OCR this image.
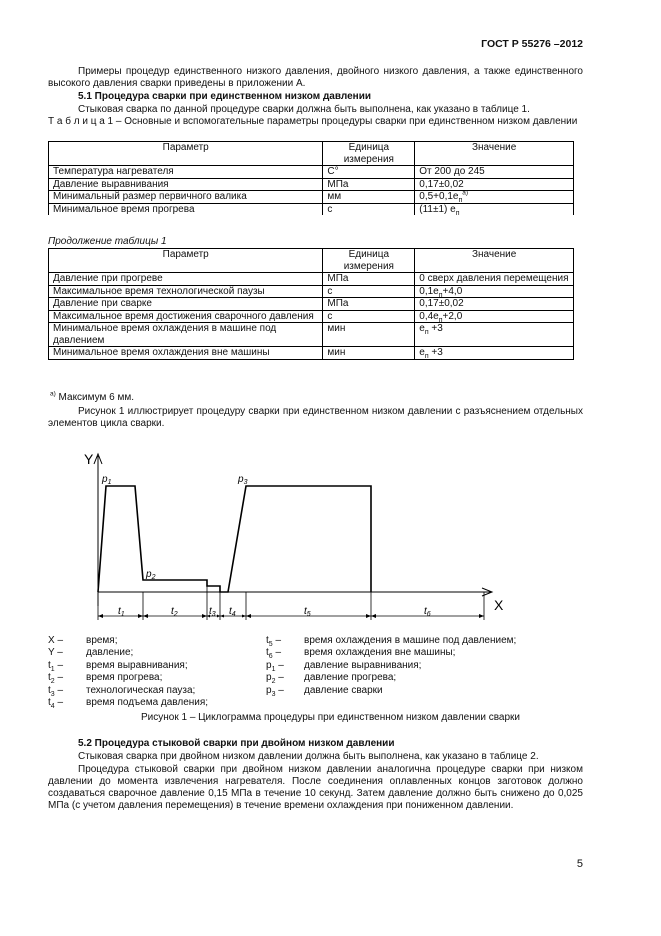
ГОСТ Р 55276 –2012
Примеры процедур единственного низкого давления, двойного низкого давления, а также единственного высокого давления сварки приведены в приложении А.
5.1 Процедура сварки при единственном низком давлении
Стыковая сварка по данной процедуре сварки должна быть выполнена, как указано в таблице 1.
Т а б л и ц а 1 – Основные и вспомогательные параметры процедуры сварки при единственном низком давлении
Параметр	Единица измерения	Значение
Температура нагревателя	C°	От 200 до 245
Давление выравнивания	МПа	0,17±0,02
Минимальный размер первичного валика	мм	$0,5+0,1e_п^{а)}$
Минимальное время прогрева	с	(11±1) $e_п$
Продолжение таблицы 1
Параметр	Единица измерения	Значение
Давление при прогреве	МПа	0 сверх давления перемещения
Максимальное время технологической паузы	с	$0,1e_п+4,0$
Давление при сварке	МПа	0,17±0,02
Максимальное время достижения сварочного давления	с	$0,4e_п+2,0$
Минимальное время охлаждения в машине под давлением	мин	$e_п +3$
Минимальное время охлаждения вне машины	мин	$e_п +3$
$^{а)}$ Максимум 6 мм.
Рисунок 1 иллюстрирует процедуру сварки при единственном низком давлении с разъяснением отдельных элементов цикла сварки.
Y
X
$p_1$
$p_2$
$p_3$
$t_1$	$t_2$	$t_3$ $t_4$	$t_5$	$t_6$
X –	время;
Y –	давление;
$t_1$ –	время выравнивания;
$t_2$ –	время прогрева;
$t_3$ –	технологическая пауза;
$t_4$ –	время подъема давления;
$t_5$ –	время охлаждения в машине под давлением;
$t_6$ –	время охлаждения вне машины;
$p_1$ –	давление выравнивания;
$p_2$ –	давление прогрева;
$p_3$ –	давление сварки
Рисунок 1 – Циклограмма процедуры при единственном низком давлении сварки
5.2 Процедура стыковой сварки при двойном низком давлении
Стыковая сварка при двойном низком давлении должна быть выполнена, как указано в таблице 2.
Процедура стыковой сварки при двойном низком давлении аналогична процедуре сварки при низком давлении до момента извлечения нагревателя. После соединения оплавленных концов заготовок должно создаваться сварочное давление 0,15 МПа в течение 10 секунд. Затем давление должно быть снижено до 0,025 МПа (с учетом давления перемещения) в течение времени охлаждения при пониженном давлении.
5
